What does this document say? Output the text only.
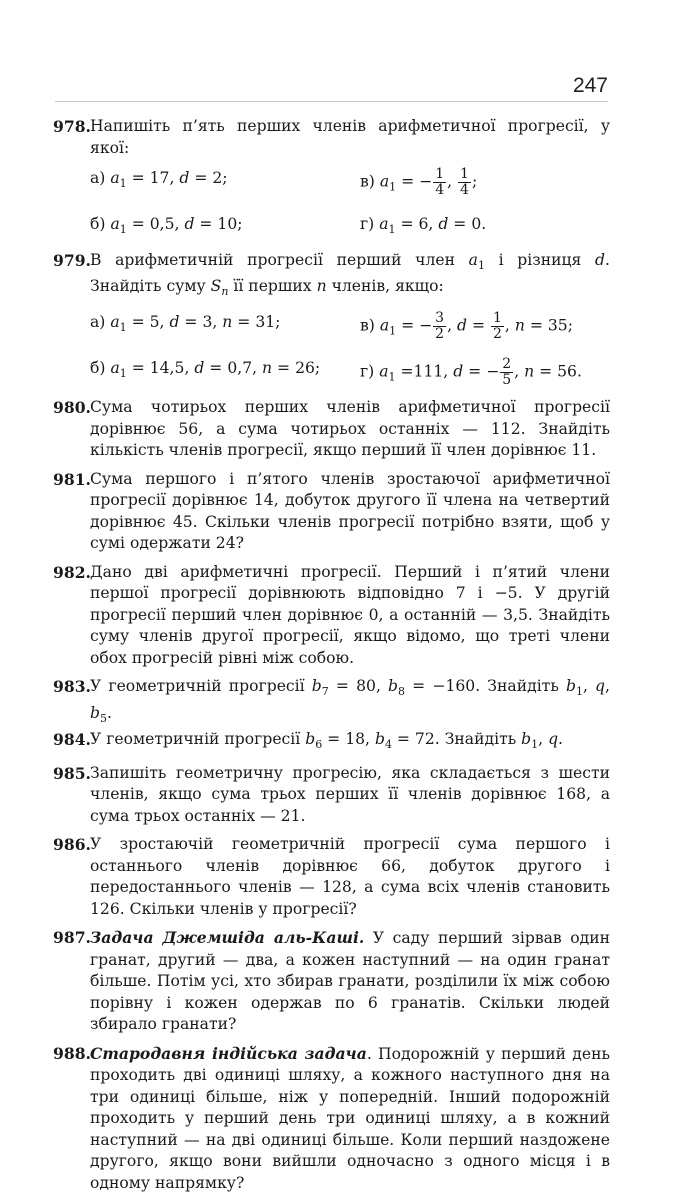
247
978. Напишіть п’ять перших членів арифметичної прогресії, у якої:
а) $a_1 = 17$, d = 2;	в) $a_1$ = − $\frac{1}{4}$ , $\frac{1}{4}$ ;
б) $a_1 = 0,5$, d = 10;	г) $a_1 = 6$, d = 0.
979. В арифметичній прогресії перший член $a_1$ і різниця d. Знайдіть суму $S_n$ її перших n членів, якщо:
а) $a_1 = 5$, d = 3, n = 31;	в) $a_1$ = − $\frac{3}{2}$ , $d = \frac{1}{2}$ , n = 35;
б) $a_1 = 14,5$, d = 0,7, n = 26;	г) $a_1 =111$, d = − $\frac{2}{5}$ , n = 56.
980. Сума чотирьох перших членів арифметичної прогресії дорівнює 56, а сума чотирьох останніх — 112. Знайдіть кількість членів прогресії, якщо перший її член дорівнює 11.
981. Сума першого і п’ятого членів зростаючої арифметичної прогресії дорівнює 14, добуток другого її члена на четвертий дорівнює 45. Скільки членів прогресії потрібно взяти, щоб у сумі одержати 24?
982. Дано дві арифметичні прогресії. Перший і п’ятий члени першої прогресії дорівнюють відповідно 7 і −5. У другій прогресії перший член дорівнює 0, а останній — 3,5. Знайдіть суму членів другої прогресії, якщо відомо, що треті члени обох прогресій рівні між собою.
983. У геометричній прогресії $b_7 = 80$, $b_8 = -160$. Знайдіть $b_1$, q, $b_5$.
984. У геометричній прогресії $b_6 = 18$, $b_4 = 72$. Знайдіть $b_1$, q.
985. Запишіть геометричну прогресію, яка складається з шести членів, якщо сума трьох перших її членів дорівнює 168, а сума трьох останніх — 21.
986. У зростаючій геометричній прогресії сума першого і останнього членів дорівнює 66, добуток другого і передостаннього членів — 128, а сума всіх членів становить 126. Скільки членів у прогресії?
987. Задача Джемшіда аль-Каші. У саду перший зірвав один гранат, другий — два, а кожен наступний — на один гранат більше. Потім усі, хто збирав гранати, розділили їх між собою порівну і кожен одержав по 6 гранатів. Скільки людей збирало гранати?
988. Стародавня індійська задача. Подорожній у перший день проходить дві одиниці шляху, а кожного наступного дня на три одиниці більше, ніж у попередній. Інший подорожній проходить у перший день три одиниці шляху, а в кожний наступний — на дві одиниці більше. Коли перший наздожене другого, якщо вони вийшли одночасно з одного місця і в одному напрямку?
